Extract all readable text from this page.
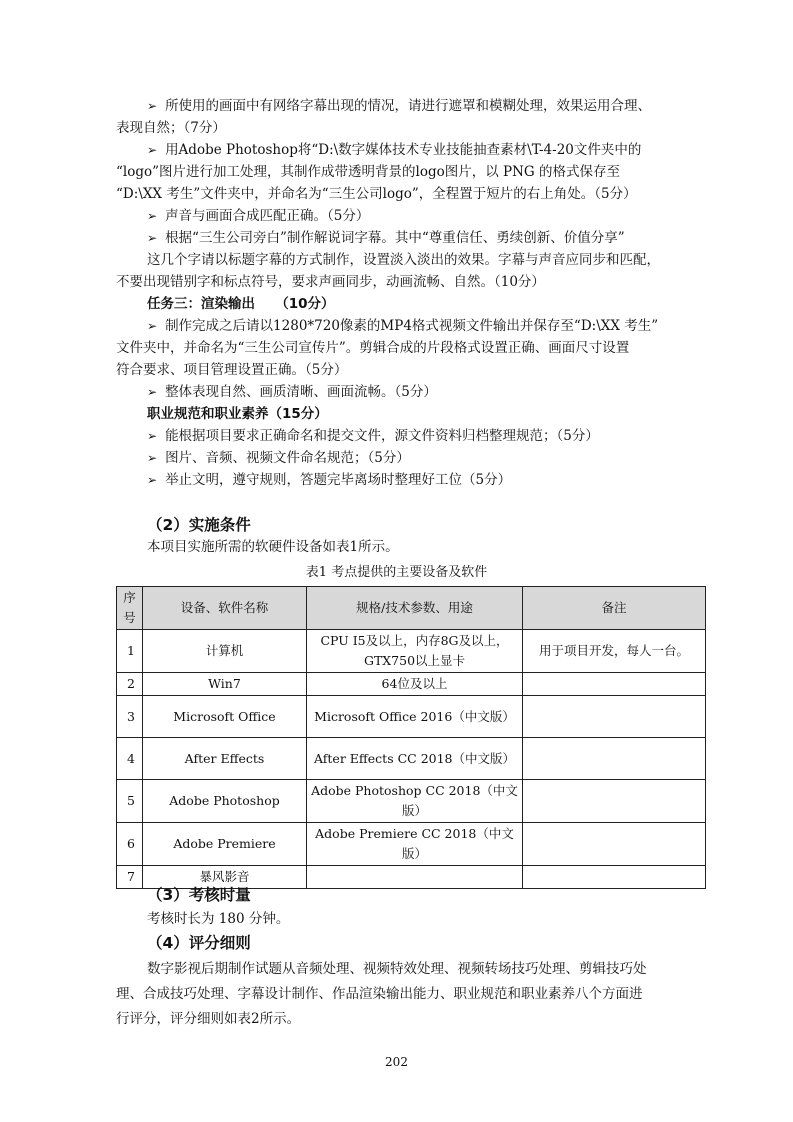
➢ 所使用的画面中有网络字幕出现的情况，请进行遮罩和模糊处理，效果运用合理、
表现自然；（7分）
➢ 用Adobe Photoshop将“D:\数字媒体技术专业技能抽查素材\T-4-20文件夹中的
“logo”图片进行加工处理，其制作成带透明背景的logo图片，以 PNG 的格式保存至
“D:\XX 考生”文件夹中，并命名为“三生公司logo”，全程置于短片的右上角处。（5分）
➢ 声音与画面合成匹配正确。（5分）
➢ 根据“三生公司旁白”制作解说词字幕。其中“尊重信任、勇续创新、价值分享”
这几个字请以标题字幕的方式制作，设置淡入淡出的效果。字幕与声音应同步和匹配，
不要出现错别字和标点符号，要求声画同步，动画流畅、自然。（10分）
任务三：渲染输出　　（10分）
➢ 制作完成之后请以1280*720像素的MP4格式视频文件输出并保存至“D:\XX 考生”
文件夹中，并命名为“三生公司宣传片”。剪辑合成的片段格式设置正确、画面尺寸设置
符合要求、项目管理设置正确。（5分）
➢ 整体表现自然、画质清晰、画面流畅。（5分）
职业规范和职业素养（15分）
➢ 能根据项目要求正确命名和提交文件，源文件资料归档整理规范；（5分）
➢ 图片、音频、视频文件命名规范；（5分）
➢ 举止文明，遵守规则，答题完毕离场时整理好工位（5分）
（2）实施条件
本项目实施所需的软硬件设备如表1所示。
表1 考点提供的主要设备及软件
序号	设备、软件名称	规格/技术参数、用途	备注
1	计算机	CPU I5及以上，内存8G及以上，GTX750以上显卡	用于项目开发，每人一台。
2	Win7	64位及以上	
3	Microsoft Office	Microsoft Office 2016（中文版）	
4	After Effects	After Effects CC 2018（中文版）	
5	Adobe Photoshop	Adobe Photoshop CC 2018（中文版）	
6	Adobe Premiere	Adobe Premiere CC 2018（中文版）	
7	暴风影音		
（3）考核时量
考核时长为 180 分钟。
（4）评分细则
数字影视后期制作试题从音频处理、视频特效处理、视频转场技巧处理、剪辑技巧处
理、合成技巧处理、字幕设计制作、作品渲染输出能力、职业规范和职业素养八个方面进
行评分，评分细则如表2所示。
202
